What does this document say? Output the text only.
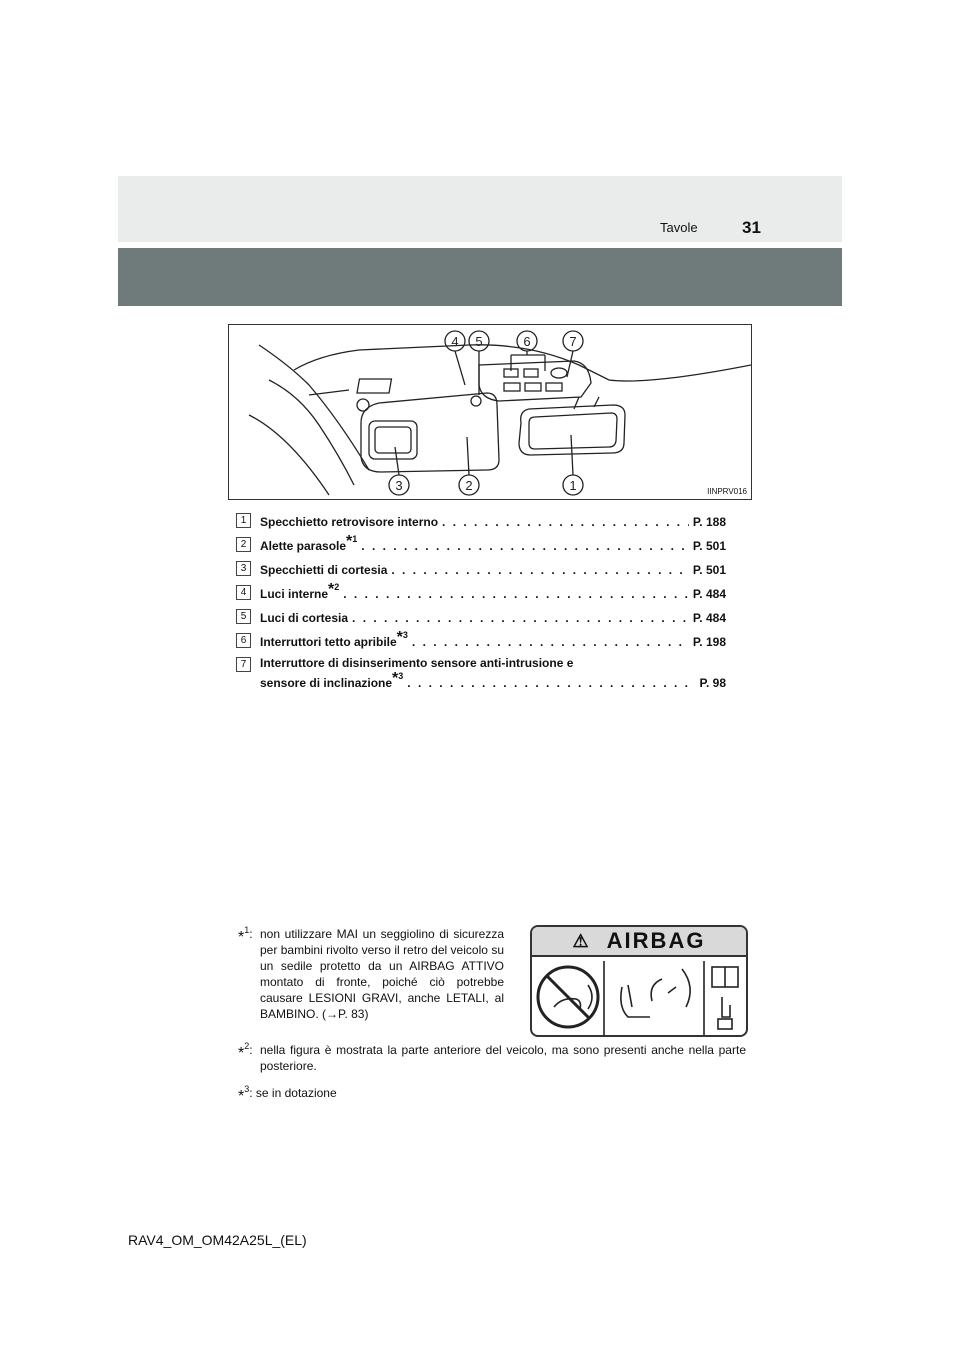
Tavole	31
4 5	6	7
3	2	1	IINPRV016
1	Specchietto retrovisore interno . . .	P. 188
2	Alette parasole *1 . . .	P. 501
3	Specchietti di cortesia . . .	P. 501
4	Luci interne *2 . . .	P. 484
5	Luci di cortesia . . .	P. 484
6	Interruttori tetto apribile *3 . . .	P. 198
7	Interruttore di disinserimento sensore anti-intrusione e
sensore di inclinazione *3 . . .	P. 98
*$^1$: non utilizzare MAI un seggiolino di sicurezza per bambini rivolto verso il retro del veicolo su un sedile protetto da un AIRBAG ATTIVO montato di fronte, poiché ciò potrebbe causare LESIONI GRAVI, anche LETALI, al BAMBINO. (→P. 83)
⚠ AIRBAG
*$^2$: nella figura è mostrata la parte anteriore del veicolo, ma sono presenti anche nella parte posteriore.
*$^3$: se in dotazione
RAV4_OM_OM42A25L_(EL)
